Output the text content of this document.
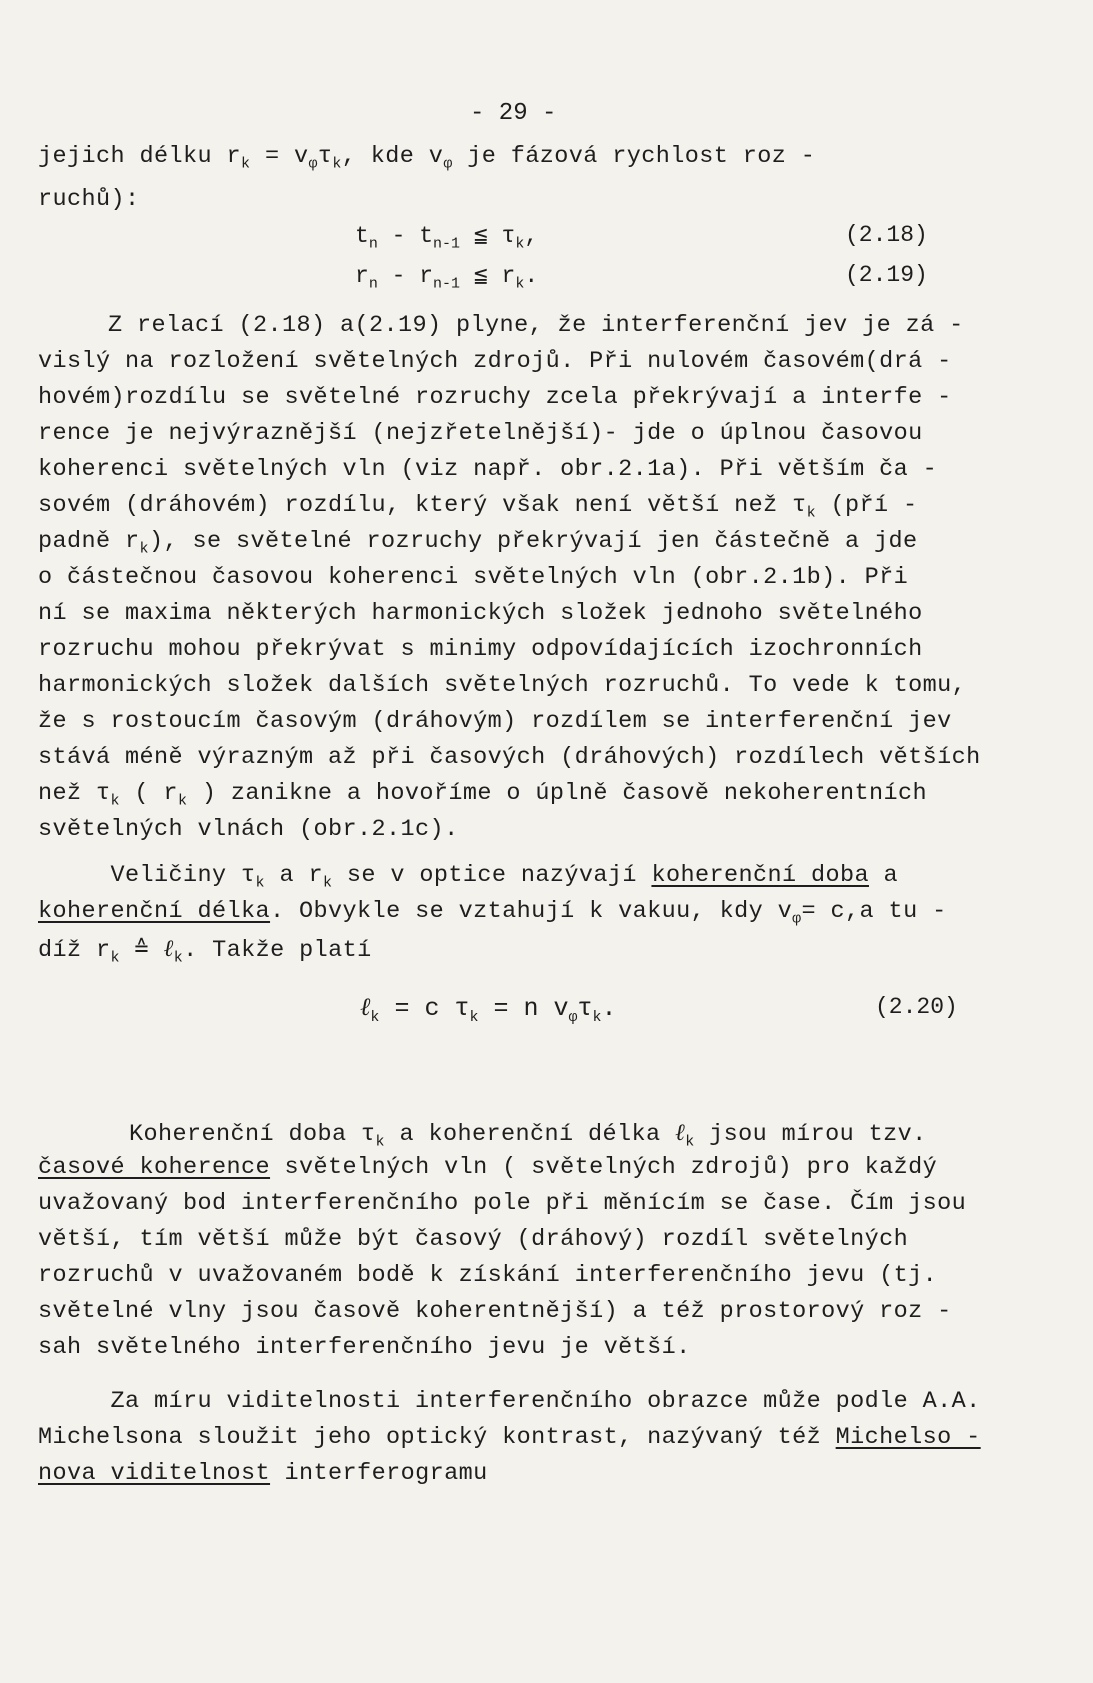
- 29 -
jejich délku $r_k = v_\varphi\tau_k$, kde $v_\varphi$ je fázová rychlost roz -
ruchů):
$t_n - t_{n-1}$ ≦ $\tau_k$,	(2.18)
$r_n - r_{n-1}$ ≦ $r_k$.	(2.19)
Z relací (2.18) a(2.19) plyne, že interferenční jev je zá -
vislý na rozložení světelných zdrojů. Při nulovém časovém(drá -
hovém)rozdílu se světelné rozruchy zcela překrývají a interfe -
rence je nejvýraznější (nejzřetelnější)- jde o úplnou časovou
koherenci světelných vln (viz např. obr.2.1a). Při větším ča -
sovém (dráhovém) rozdílu, který však není větší než $\tau_k$ (pří -
padně $r_k$), se světelné rozruchy překrývají jen částečně a jde
o částečnou časovou koherenci světelných vln (obr.2.1b). Při
ní se maxima některých harmonických složek jednoho světelného
rozruchu mohou překrývat s minimy odpovídajících izochronních
harmonických složek dalších světelných rozruchů. To vede k tomu,
že s rostoucím časovým (dráhovým) rozdílem se interferenční jev
stává méně výrazným až při časových (dráhových) rozdílech větších
než $\tau_k$ ( $r_k$ ) zanikne a hovoříme o úplně časově nekoherentních
světelných vlnách (obr.2.1c).
Veličiny $\tau_k$ a $r_k$ se v optice nazývají koherenční doba a
koherenční délka. Obvykle se vztahují k vakuu, kdy $v_\varphi= c,a$ tu -
díž $r_k$ ≙ ℓ$_k$. Takže platí
ℓ$_k$ = c $\tau_k = n$ $v_\varphi\tau_k$.	(2.20)
Koherenční doba $\tau_k$ a koherenční délka ℓ$_k$ jsou mírou tzv.
časové koherence světelných vln ( světelných zdrojů) pro každý
uvažovaný bod interferenčního pole při měnícím se čase. Čím jsou
větší, tím větší může být časový (dráhový) rozdíl světelných
rozruchů v uvažovaném bodě k získání interferenčního jevu (tj.
světelné vlny jsou časově koherentnější) a též prostorový roz -
sah světelného interferenčního jevu je větší.
Za míru viditelnosti interferenčního obrazce může podle A.A.
Michelsona sloužit jeho optický kontrast, nazývaný též Michelso -
nova viditelnost interferogramu
